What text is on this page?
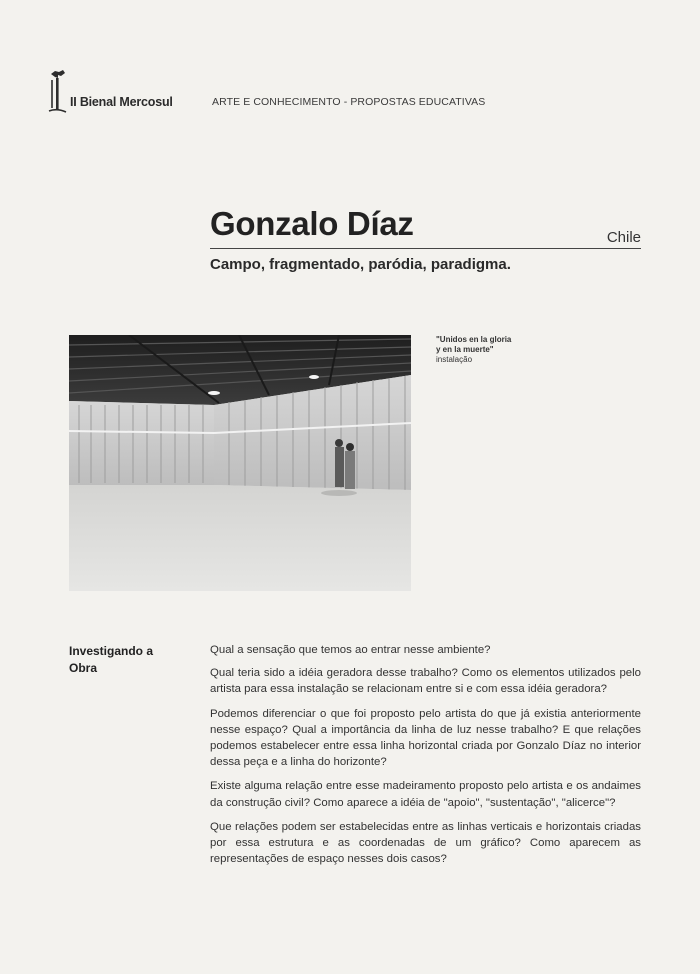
II Bienal Mercosul	ARTE E CONHECIMENTO - PROPOSTAS EDUCATIVAS
Gonzalo Díaz	Chile
Campo, fragmentado, paródia, paradigma.
"Unidos en la gloria
y en la muerte"
instalação
Investigando a
Obra

Qual a sensação que temos ao entrar nesse ambiente?

Qual teria sido a idéia geradora desse trabalho? Como os elementos utilizados pelo artista para essa instalação se relacionam entre si e com essa idéia geradora?

Podemos diferenciar o que foi proposto pelo artista do que já existia anteriormente nesse espaço? Qual a importância da linha de luz nesse trabalho? E que relações podemos estabelecer entre essa linha horizontal criada por Gonzalo Díaz no interior dessa peça e a linha do horizonte?

Existe alguma relação entre esse madeiramento proposto pelo artista e os andaimes da construção civil? Como aparece a idéia de "apoio", "sustentação", "alicerce"?

Que relações podem ser estabelecidas entre as linhas verticais e horizontais criadas por essa estrutura e as coordenadas de um gráfico? Como aparecem as representações de espaço nesses dois casos?
